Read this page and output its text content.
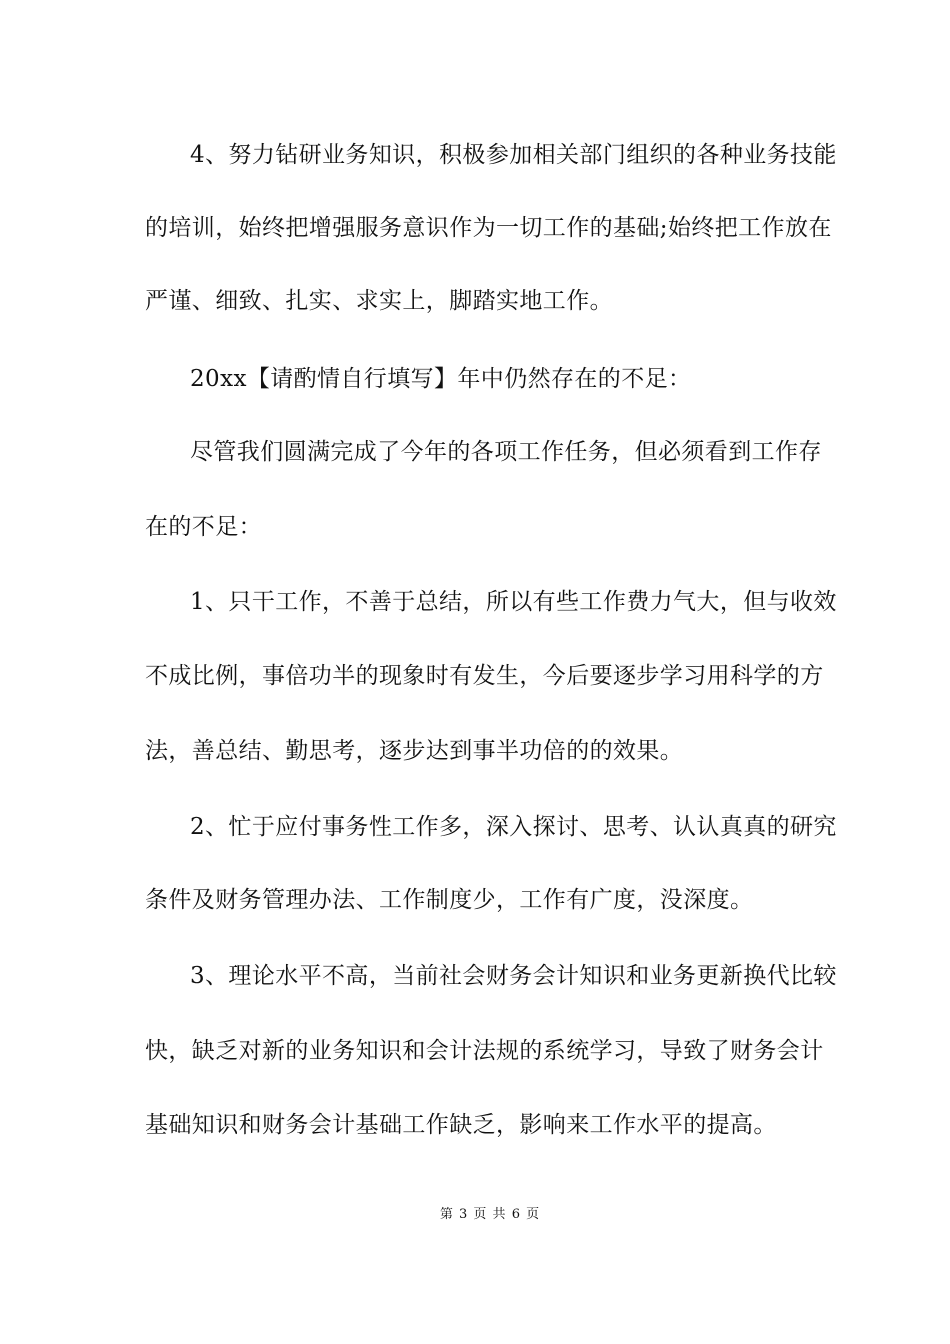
4、努力钻研业务知识，积极参加相关部门组织的各种业务技能
的培训，始终把增强服务意识作为一切工作的基础;始终把工作放在
严谨、细致、扎实、求实上，脚踏实地工作。
20xx【请酌情自行填写】年中仍然存在的不足：
尽管我们圆满完成了今年的各项工作任务，但必须看到工作存
在的不足：
1、只干工作，不善于总结，所以有些工作费力气大，但与收效
不成比例，事倍功半的现象时有发生，今后要逐步学习用科学的方
法，善总结、勤思考，逐步达到事半功倍的的效果。
2、忙于应付事务性工作多，深入探讨、思考、认认真真的研究
条件及财务管理办法、工作制度少，工作有广度，没深度。
3、理论水平不高，当前社会财务会计知识和业务更新换代比较
快，缺乏对新的业务知识和会计法规的系统学习，导致了财务会计
基础知识和财务会计基础工作缺乏，影响来工作水平的提高。
第 3 页 共 6 页
